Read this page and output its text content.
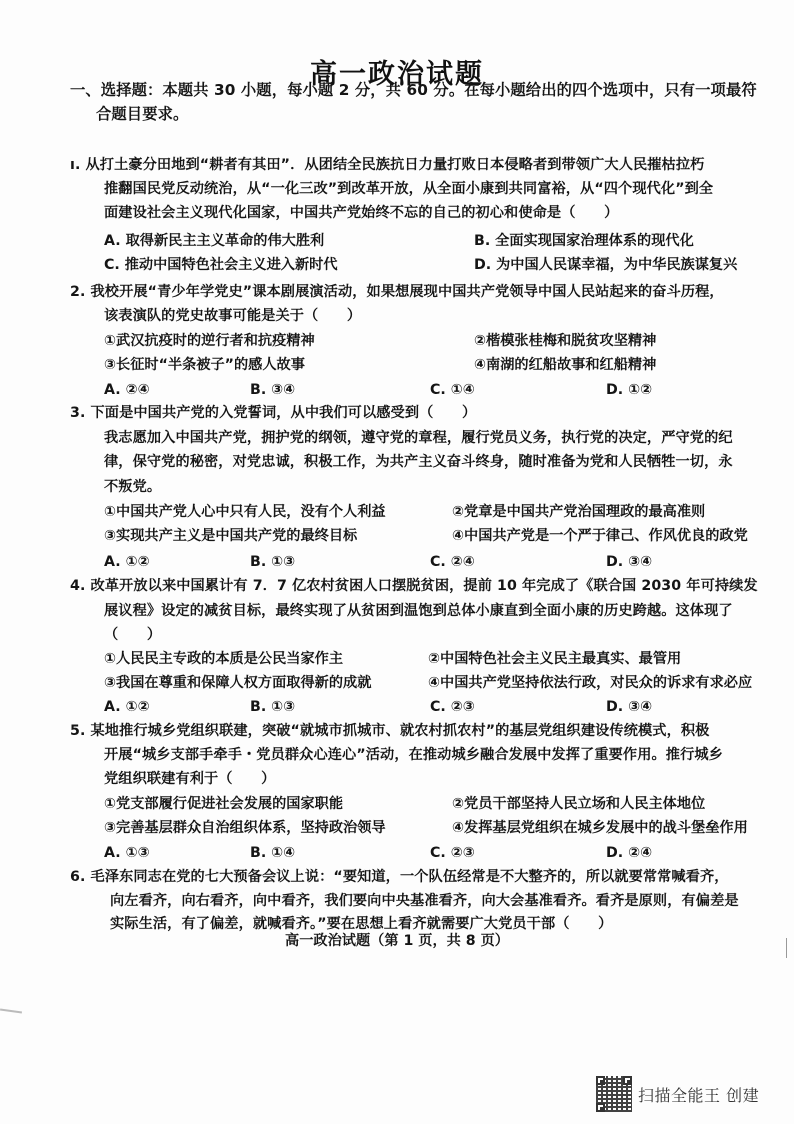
高一政治试题
一、选择题：本题共 30 小题，每小题 2 分，共 60 分。在每小题给出的四个选项中，只有一项最符
合题目要求。
ı. 从打土豪分田地到“耕者有其田”．从团结全民族抗日力量打败日本侵略者到带领广大人民摧枯拉朽
推翻国民党反动统治，从“一化三改”到改革开放，从全面小康到共同富裕，从“四个现代化”到全
面建设社会主义现代化国家，中国共产党始终不忘的自己的初心和使命是（　　）
A. 取得新民主主义革命的伟大胜利	B. 全面实现国家治理体系的现代化
C. 推动中国特色社会主义进入新时代	D. 为中国人民谋幸福，为中华民族谋复兴
2. 我校开展“青少年学党史”课本剧展演活动，如果想展现中国共产党领导中国人民站起来的奋斗历程，
该表演队的党史故事可能是关于（　　）
①武汉抗疫时的逆行者和抗疫精神	②楷模张桂梅和脱贫攻坚精神
③长征时“半条被子”的感人故事	④南湖的红船故事和红船精神
A. ②④	B. ③④	C. ①④	D. ①②
3. 下面是中国共产党的入党誓词，从中我们可以感受到（　　）
我志愿加入中国共产党，拥护党的纲领，遵守党的章程，履行党员义务，执行党的决定，严守党的纪
律，保守党的秘密，对党忠诚，积极工作，为共产主义奋斗终身，随时准备为党和人民牺牲一切，永
不叛党。
①中国共产党人心中只有人民，没有个人利益	②党章是中国共产党治国理政的最高准则
③实现共产主义是中国共产党的最终目标	④中国共产党是一个严于律己、作风优良的政党
A. ①②	B. ①③	C. ②④	D. ③④
4. 改革开放以来中国累计有 7．7 亿农村贫困人口摆脱贫困，提前 10 年完成了《联合国 2030 年可持续发
展议程》设定的减贫目标，最终实现了从贫困到温饱到总体小康直到全面小康的历史跨越。这体现了
（　　）
①人民民主专政的本质是公民当家作主	②中国特色社会主义民主最真实、最管用
③我国在尊重和保障人权方面取得新的成就	④中国共产党坚持依法行政，对民众的诉求有求必应
A. ①②	B. ①③	C. ②③	D. ③④
5. 某地推行城乡党组织联建，突破“就城市抓城市、就农村抓农村”的基层党组织建设传统模式，积极
开展“城乡支部手牵手・党员群众心连心”活动，在推动城乡融合发展中发挥了重要作用。推行城乡
党组织联建有利于（　　）
①党支部履行促进社会发展的国家职能	②党员干部坚持人民立场和人民主体地位
③完善基层群众自治组织体系，坚持政治领导	④发挥基层党组织在城乡发展中的战斗堡垒作用
A. ①③	B. ①④	C. ②③	D. ②④
6. 毛泽东同志在党的七大预备会议上说：“要知道，一个队伍经常是不大整齐的，所以就要常常喊看齐，
向左看齐，向右看齐，向中看齐，我们要向中央基准看齐，向大会基准看齐。看齐是原则，有偏差是
实际生活，有了偏差，就喊看齐。”要在思想上看齐就需要广大党员干部（　　）
高一政治试题（第 1 页，共 8 页）
扫描全能王 创建
